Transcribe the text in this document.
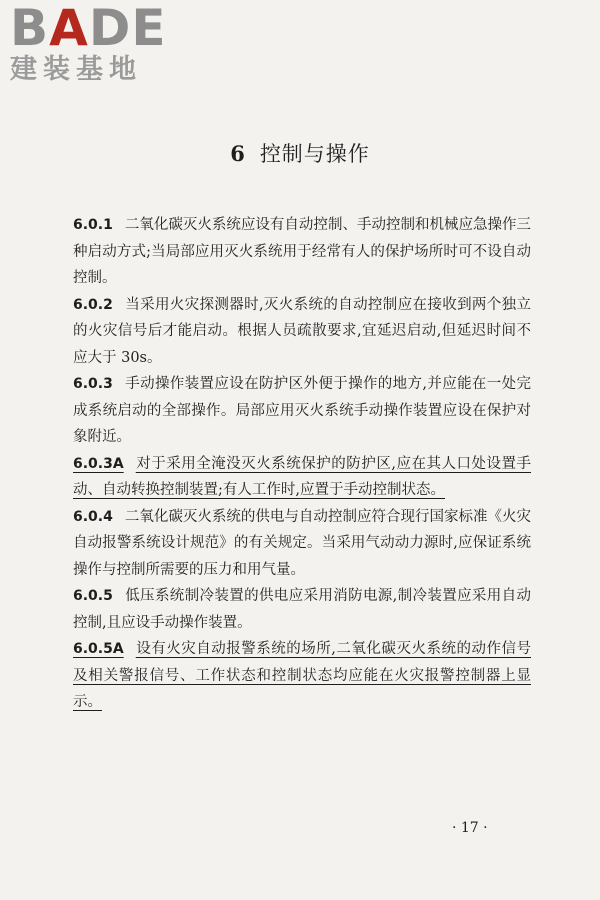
BADE
建装基地
6 控制与操作

6.0.1 二氧化碳灭火系统应设有自动控制、手动控制和机械应急操作三种启动方式;当局部应用灭火系统用于经常有人的保护场所时可不设自动控制。

6.0.2 当采用火灾探测器时,灭火系统的自动控制应在接收到两个独立的火灾信号后才能启动。根据人员疏散要求,宜延迟启动,但延迟时间不应大于 30s。

6.0.3 手动操作装置应设在防护区外便于操作的地方,并应能在一处完成系统启动的全部操作。局部应用灭火系统手动操作装置应设在保护对象附近。

6.0.3A 对于采用全淹没灭火系统保护的防护区,应在其人口处设置手动、自动转换控制装置;有人工作时,应置于手动控制状态。

6.0.4 二氧化碳灭火系统的供电与自动控制应符合现行国家标准《火灾自动报警系统设计规范》的有关规定。当采用气动动力源时,应保证系统操作与控制所需要的压力和用气量。

6.0.5 低压系统制冷装置的供电应采用消防电源,制冷装置应采用自动控制,且应设手动操作装置。

6.0.5A 设有火灾自动报警系统的场所,二氧化碳灭火系统的动作信号及相关警报信号、工作状态和控制状态均应能在火灾报警控制器上显示。

· 17 ·
